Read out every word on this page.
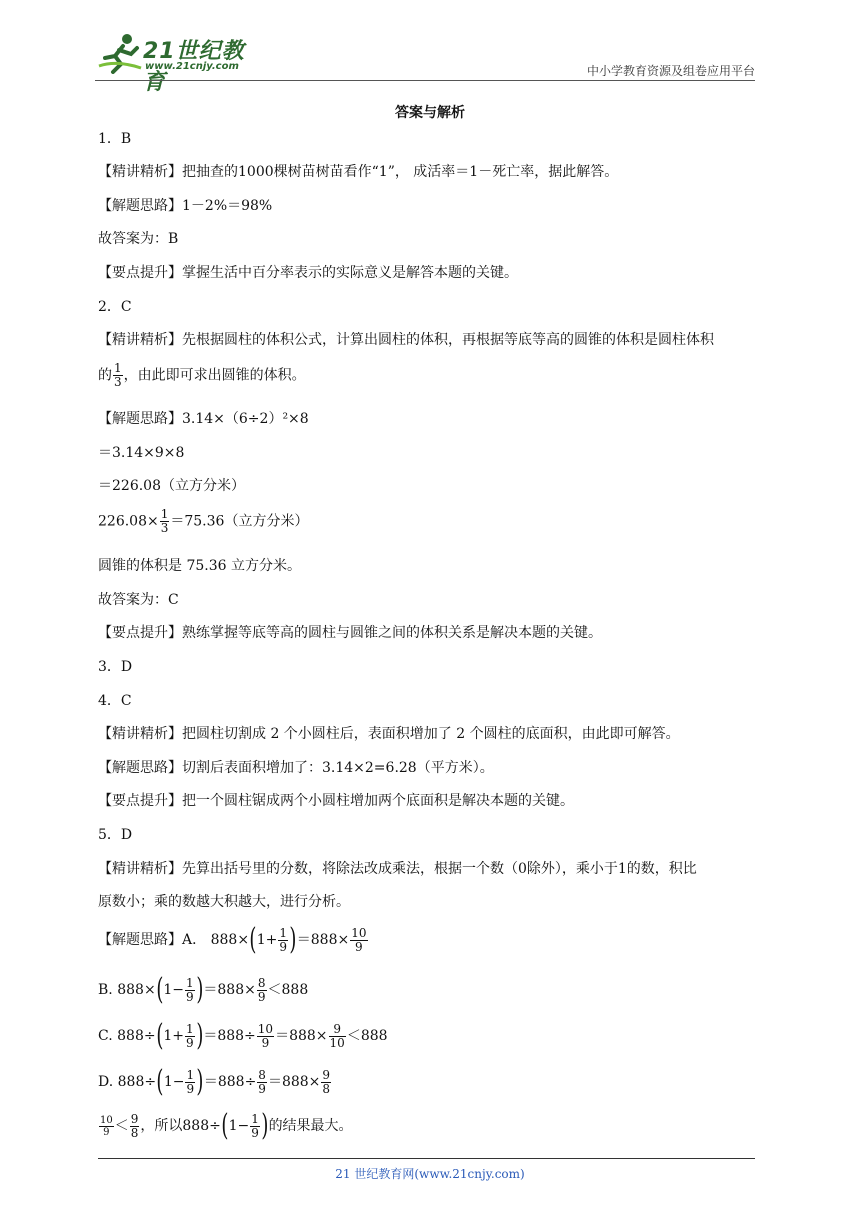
21世纪教育
www.21cnjy.com	中小学教育资源及组卷应用平台
答案与解析
1．B
【精讲精析】把抽查的1000棵树苗树苗看作“1”， 成活率＝1－死亡率，据此解答。
【解题思路】1－2%＝98%
故答案为：B
【要点提升】掌握生活中百分率表示的实际意义是解答本题的关键。
2．C
【精讲精析】先根据圆柱的体积公式，计算出圆柱的体积，再根据等底等高的圆锥的体积是圆柱体积
的 $\frac{1}{3}$ ，由此即可求出圆锥的体积。
【解题思路】3.14×（6÷2）²×8
＝3.14×9×8
＝226.08（立方分米）
$226.08\times \frac{1}{3} =75.36$（立方分米）
圆锥的体积是 75.36 立方分米。
故答案为：C
【要点提升】熟练掌握等底等高的圆柱与圆锥之间的体积关系是解决本题的关键。
3．D
4．C
【精讲精析】把圆柱切割成 2 个小圆柱后，表面积增加了 2 个圆柱的底面积，由此即可解答。
【解题思路】切割后表面积增加了：3.14×2=6.28（平方米）。
【要点提升】把一个圆柱锯成两个小圆柱增加两个底面积是解决本题的关键。
5．D
【精讲精析】先算出括号里的分数，将除法改成乘法，根据一个数（0除外），乘小于1的数，积比
原数小；乘的数越大积越大，进行分析。
【解题思路】A． $888\times(1+ \frac{1}{9} )=888\times \frac{10}{9}$
B. $888\times(1- \frac{1}{9} )=888\times \frac{8}{9} <888$
C. $888\div(1+ \frac{1}{9} )=888\div \frac{10}{9} =888\times \frac{9}{10} <888$
D. $888\div(1- \frac{1}{9} )=888\div \frac{8}{9} =888\times \frac{9}{8}$
$\frac{10}{9} < \frac{9}{8}$ ，所以$888\div(1- \frac{1}{9}$ )的结果最大。
21 世纪教育网(www.21cnjy.com)
